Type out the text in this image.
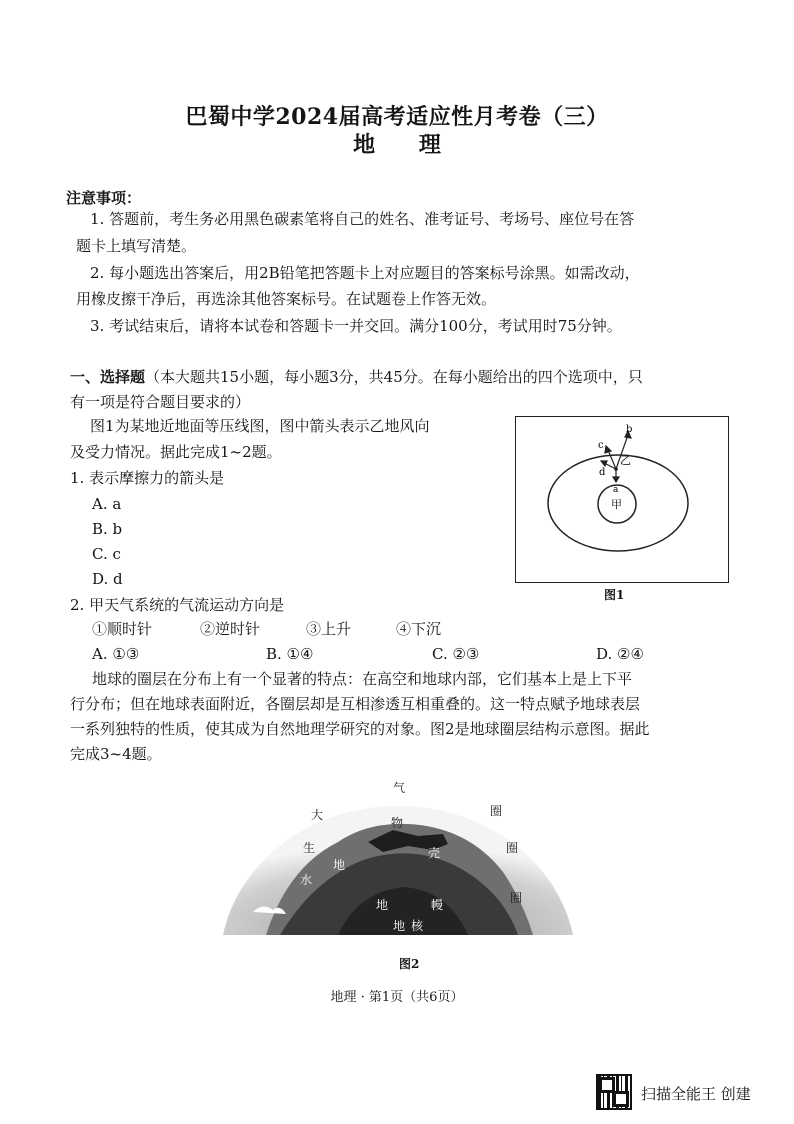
巴蜀中学2024届高考适应性月考卷（三）
地 理
注意事项：
1. 答题前，考生务必用黑色碳素笔将自己的姓名、准考证号、考场号、座位号在答
题卡上填写清楚。
2. 每小题选出答案后，用2B铅笔把答题卡上对应题目的答案标号涂黑。如需改动，
用橡皮擦干净后，再选涂其他答案标号。在试题卷上作答无效。
3. 考试结束后，请将本试卷和答题卡一并交回。满分100分，考试用时75分钟。
一、选择题（本大题共15小题，每小题3分，共45分。在每小题给出的四个选项中，只
有一项是符合题目要求的）
图1为某地近地面等压线图，图中箭头表示乙地风向
及受力情况。据此完成1~2题。
1. 表示摩擦力的箭头是
A. a
B. b
C. c
D. d
b
c
d
a
乙
甲
图1
2. 甲天气系统的气流运动方向是
①顺时针	②逆时针	③上升	④下沉
A. ①③	B. ①④	C. ②③	D. ②④
地球的圈层在分布上有一个显著的特点：在高空和地球内部，它们基本上是上下平
行分布；但在地球表面附近，各圈层却是互相渗透互相重叠的。这一特点赋予地球表层
一系列独特的性质，使其成为自然地理学研究的对象。图2是地球圈层结构示意图。据此
完成3~4题。
大
气
生
物
水
地
壳
地	幔
地 核
圈
圈
圈
图2
地理 · 第1页（共6页）
扫描全能王 创建
